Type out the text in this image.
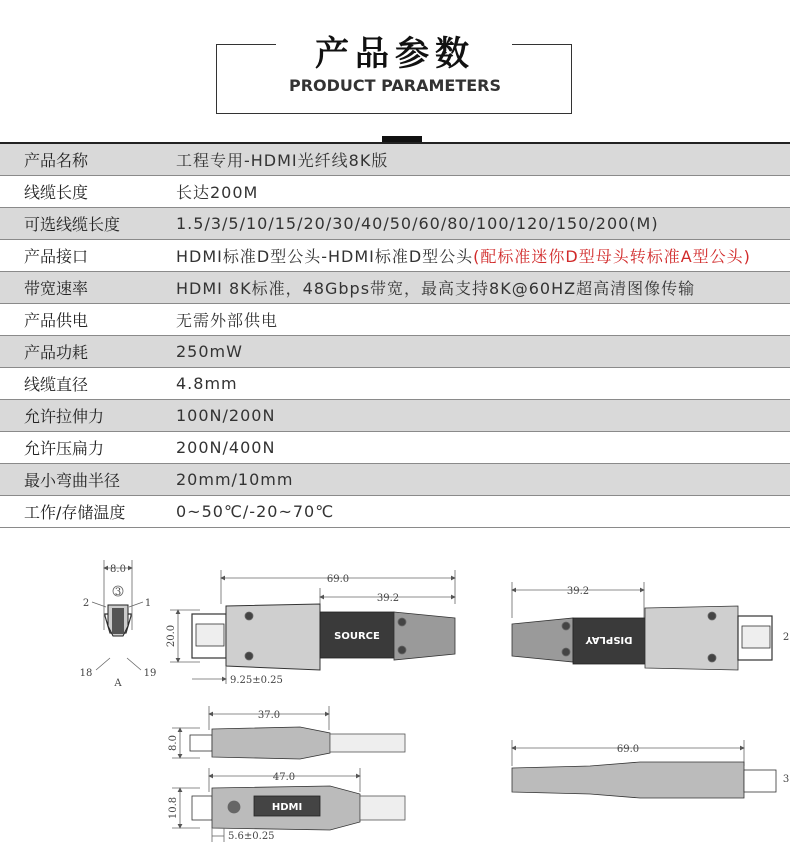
产品参数
PRODUCT PARAMETERS
产品名称	工程专用-HDMI光纤线8K版
线缆长度	长达200M
可选线缆长度	1.5/3/5/10/15/20/30/40/50/60/80/100/120/150/200(M)
产品接口	HDMI标准D型公头-HDMI标准D型公头(配标准迷你D型母头转标准A型公头)
带宽速率	HDMI 8K标准，48Gbps带宽，最高支持8K@60HZ超高清图像传输
产品供电	无需外部供电
产品功耗	250mW
线缆直径	4.8mm
允许拉伸力	100N/200N
允许压扁力	200N/400N
最小弯曲半径	20mm/10mm
工作/存储温度	0~50℃/-20~70℃
8.0
3
2	1
18	19
A
69.0
39.2
20.0
9.25±0.25
39.2
2
37.0
8.0
47.0
10.8
5.6±0.25
69.0
3
SOURCE	DISPLAY
HDMI
